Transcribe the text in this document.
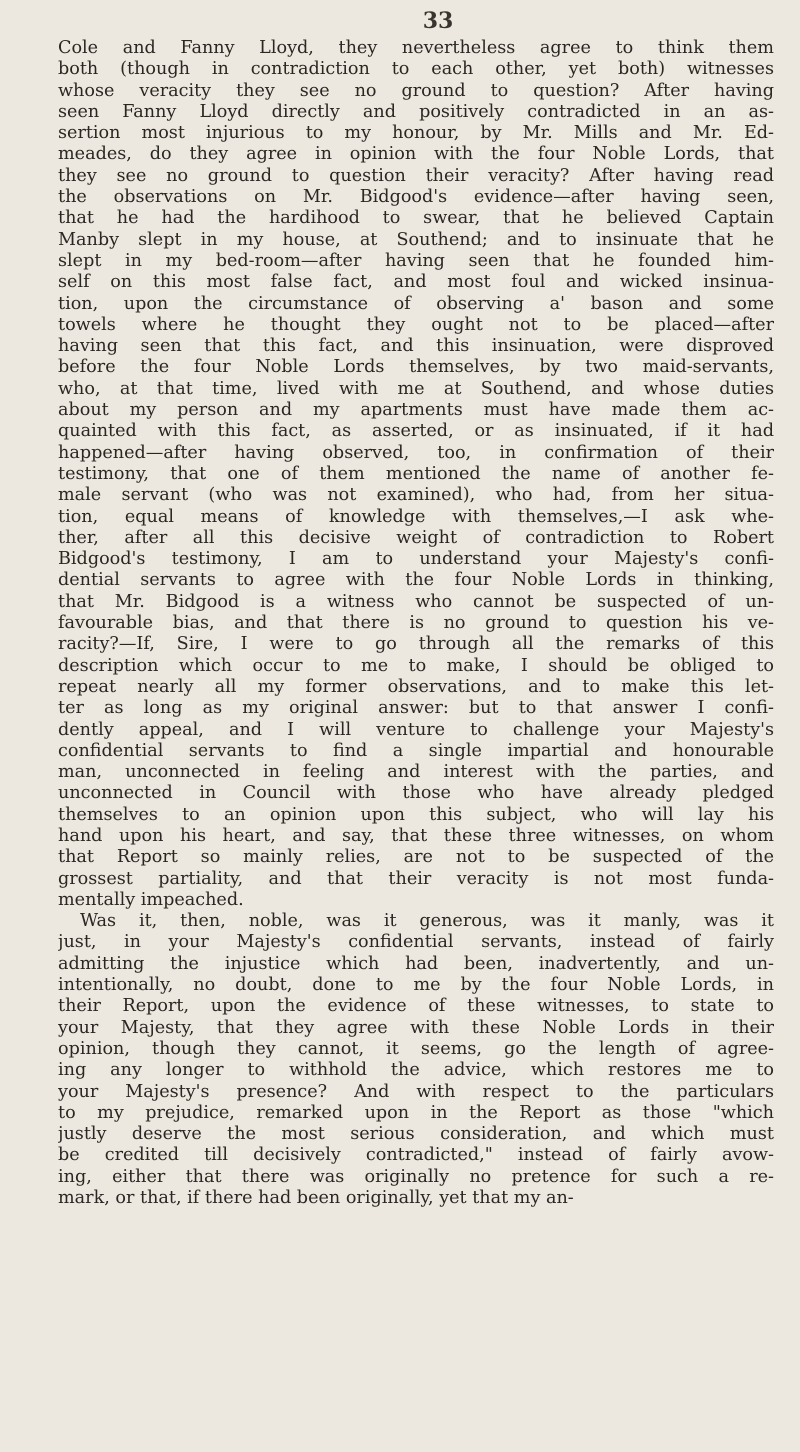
33
Cole and Fanny Lloyd, they nevertheless agree to think them
both (though in contradiction to each other, yet both) witnesses
whose veracity they see no ground to question? After having
seen Fanny Lloyd directly and positively contradicted in an as-
sertion most injurious to my honour, by Mr. Mills and Mr. Ed-
meades, do they agree in opinion with the four Noble Lords, that
they see no ground to question their veracity? After having read
the observations on Mr. Bidgood's evidence—after having seen,
that he had the hardihood to swear, that he believed Captain
Manby slept in my house, at Southend; and to insinuate that he
slept in my bed-room—after having seen that he founded him-
self on this most false fact, and most foul and wicked insinua-
tion, upon the circumstance of observing a' bason and some
towels where he thought they ought not to be placed—after
having seen that this fact, and this insinuation, were disproved
before the four Noble Lords themselves, by two maid-servants,
who, at that time, lived with me at Southend, and whose duties
about my person and my apartments must have made them ac-
quainted with this fact, as asserted, or as insinuated, if it had
happened—after having observed, too, in confirmation of their
testimony, that one of them mentioned the name of another fe-
male servant (who was not examined), who had, from her situa-
tion, equal means of knowledge with themselves,—I ask whe-
ther, after all this decisive weight of contradiction to Robert
Bidgood's testimony, I am to understand your Majesty's confi-
dential servants to agree with the four Noble Lords in thinking,
that Mr. Bidgood is a witness who cannot be suspected of un-
favourable bias, and that there is no ground to question his ve-
racity?—If, Sire, I were to go through all the remarks of this
description which occur to me to make, I should be obliged to
repeat nearly all my former observations, and to make this let-
ter as long as my original answer: but to that answer I confi-
dently appeal, and I will venture to challenge your Majesty's
confidential servants to find a single impartial and honourable
man, unconnected in feeling and interest with the parties, and
unconnected in Council with those who have already pledged
themselves to an opinion upon this subject, who will lay his
hand upon his heart, and say, that these three witnesses, on whom
that Report so mainly relies, are not to be suspected of the
grossest partiality, and that their veracity is not most funda-
mentally impeached.
Was it, then, noble, was it generous, was it manly, was it
just, in your Majesty's confidential servants, instead of fairly
admitting the injustice which had been, inadvertently, and un-
intentionally, no doubt, done to me by the four Noble Lords, in
their Report, upon the evidence of these witnesses, to state to
your Majesty, that they agree with these Noble Lords in their
opinion, though they cannot, it seems, go the length of agree-
ing any longer to withhold the advice, which restores me to
your Majesty's presence? And with respect to the particulars
to my prejudice, remarked upon in the Report as those "which
justly deserve the most serious consideration, and which must
be credited till decisively contradicted," instead of fairly avow-
ing, either that there was originally no pretence for such a re-
mark, or that, if there had been originally, yet that my an-
